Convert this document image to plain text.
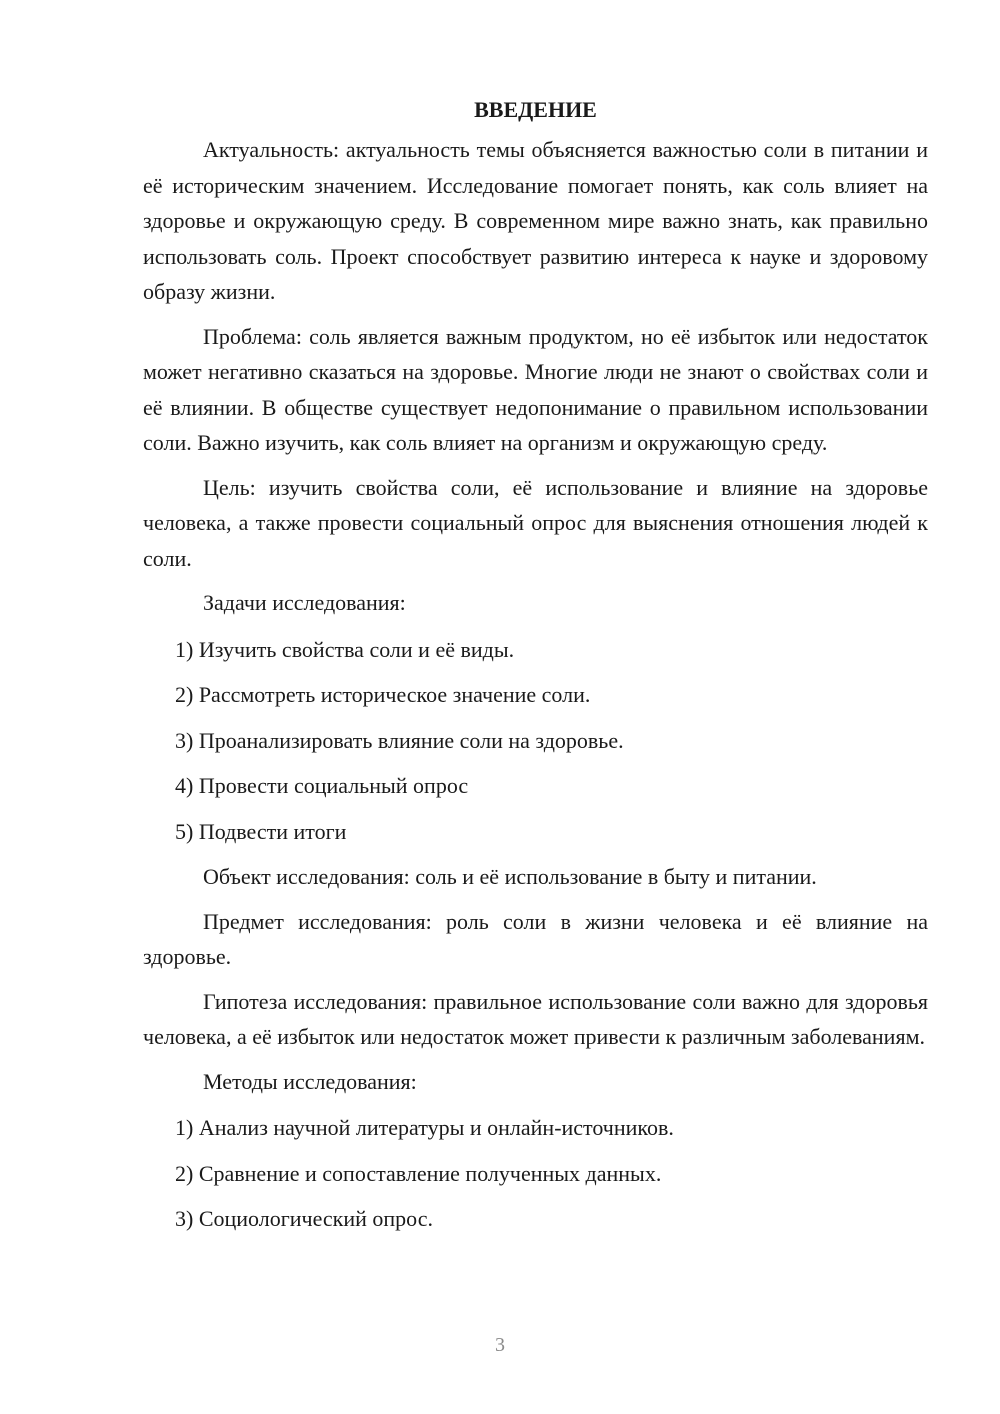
ВВЕДЕНИЕ

Актуальность: актуальность темы объясняется важностью соли в питании и её историческим значением. Исследование помогает понять, как соль влияет на здоровье и окружающую среду. В современном мире важно знать, как правильно использовать соль. Проект способствует развитию интереса к науке и здоровому образу жизни.

Проблема: соль является важным продуктом, но её избыток или недостаток может негативно сказаться на здоровье. Многие люди не знают о свойствах соли и её влиянии. В обществе существует недопонимание о правильном использовании соли. Важно изучить, как соль влияет на организм и окружающую среду.

Цель: изучить свойства соли, её использование и влияние на здоровье человека, а также провести социальный опрос для выяснения отношения людей к соли.

Задачи исследования:

1) Изучить свойства соли и её виды.
2) Рассмотреть историческое значение соли.
3) Проанализировать влияние соли на здоровье.
4) Провести социальный опрос
5) Подвести итоги

Объект исследования: соль и её использование в быту и питании.

Предмет исследования: роль соли в жизни человека и её влияние на здоровье.

Гипотеза исследования: правильное использование соли важно для здоровья человека, а её избыток или недостаток может привести к различным заболеваниям.

Методы исследования:

1) Анализ научной литературы и онлайн-источников.
2) Сравнение и сопоставление полученных данных.
3) Социологический опрос.
3
